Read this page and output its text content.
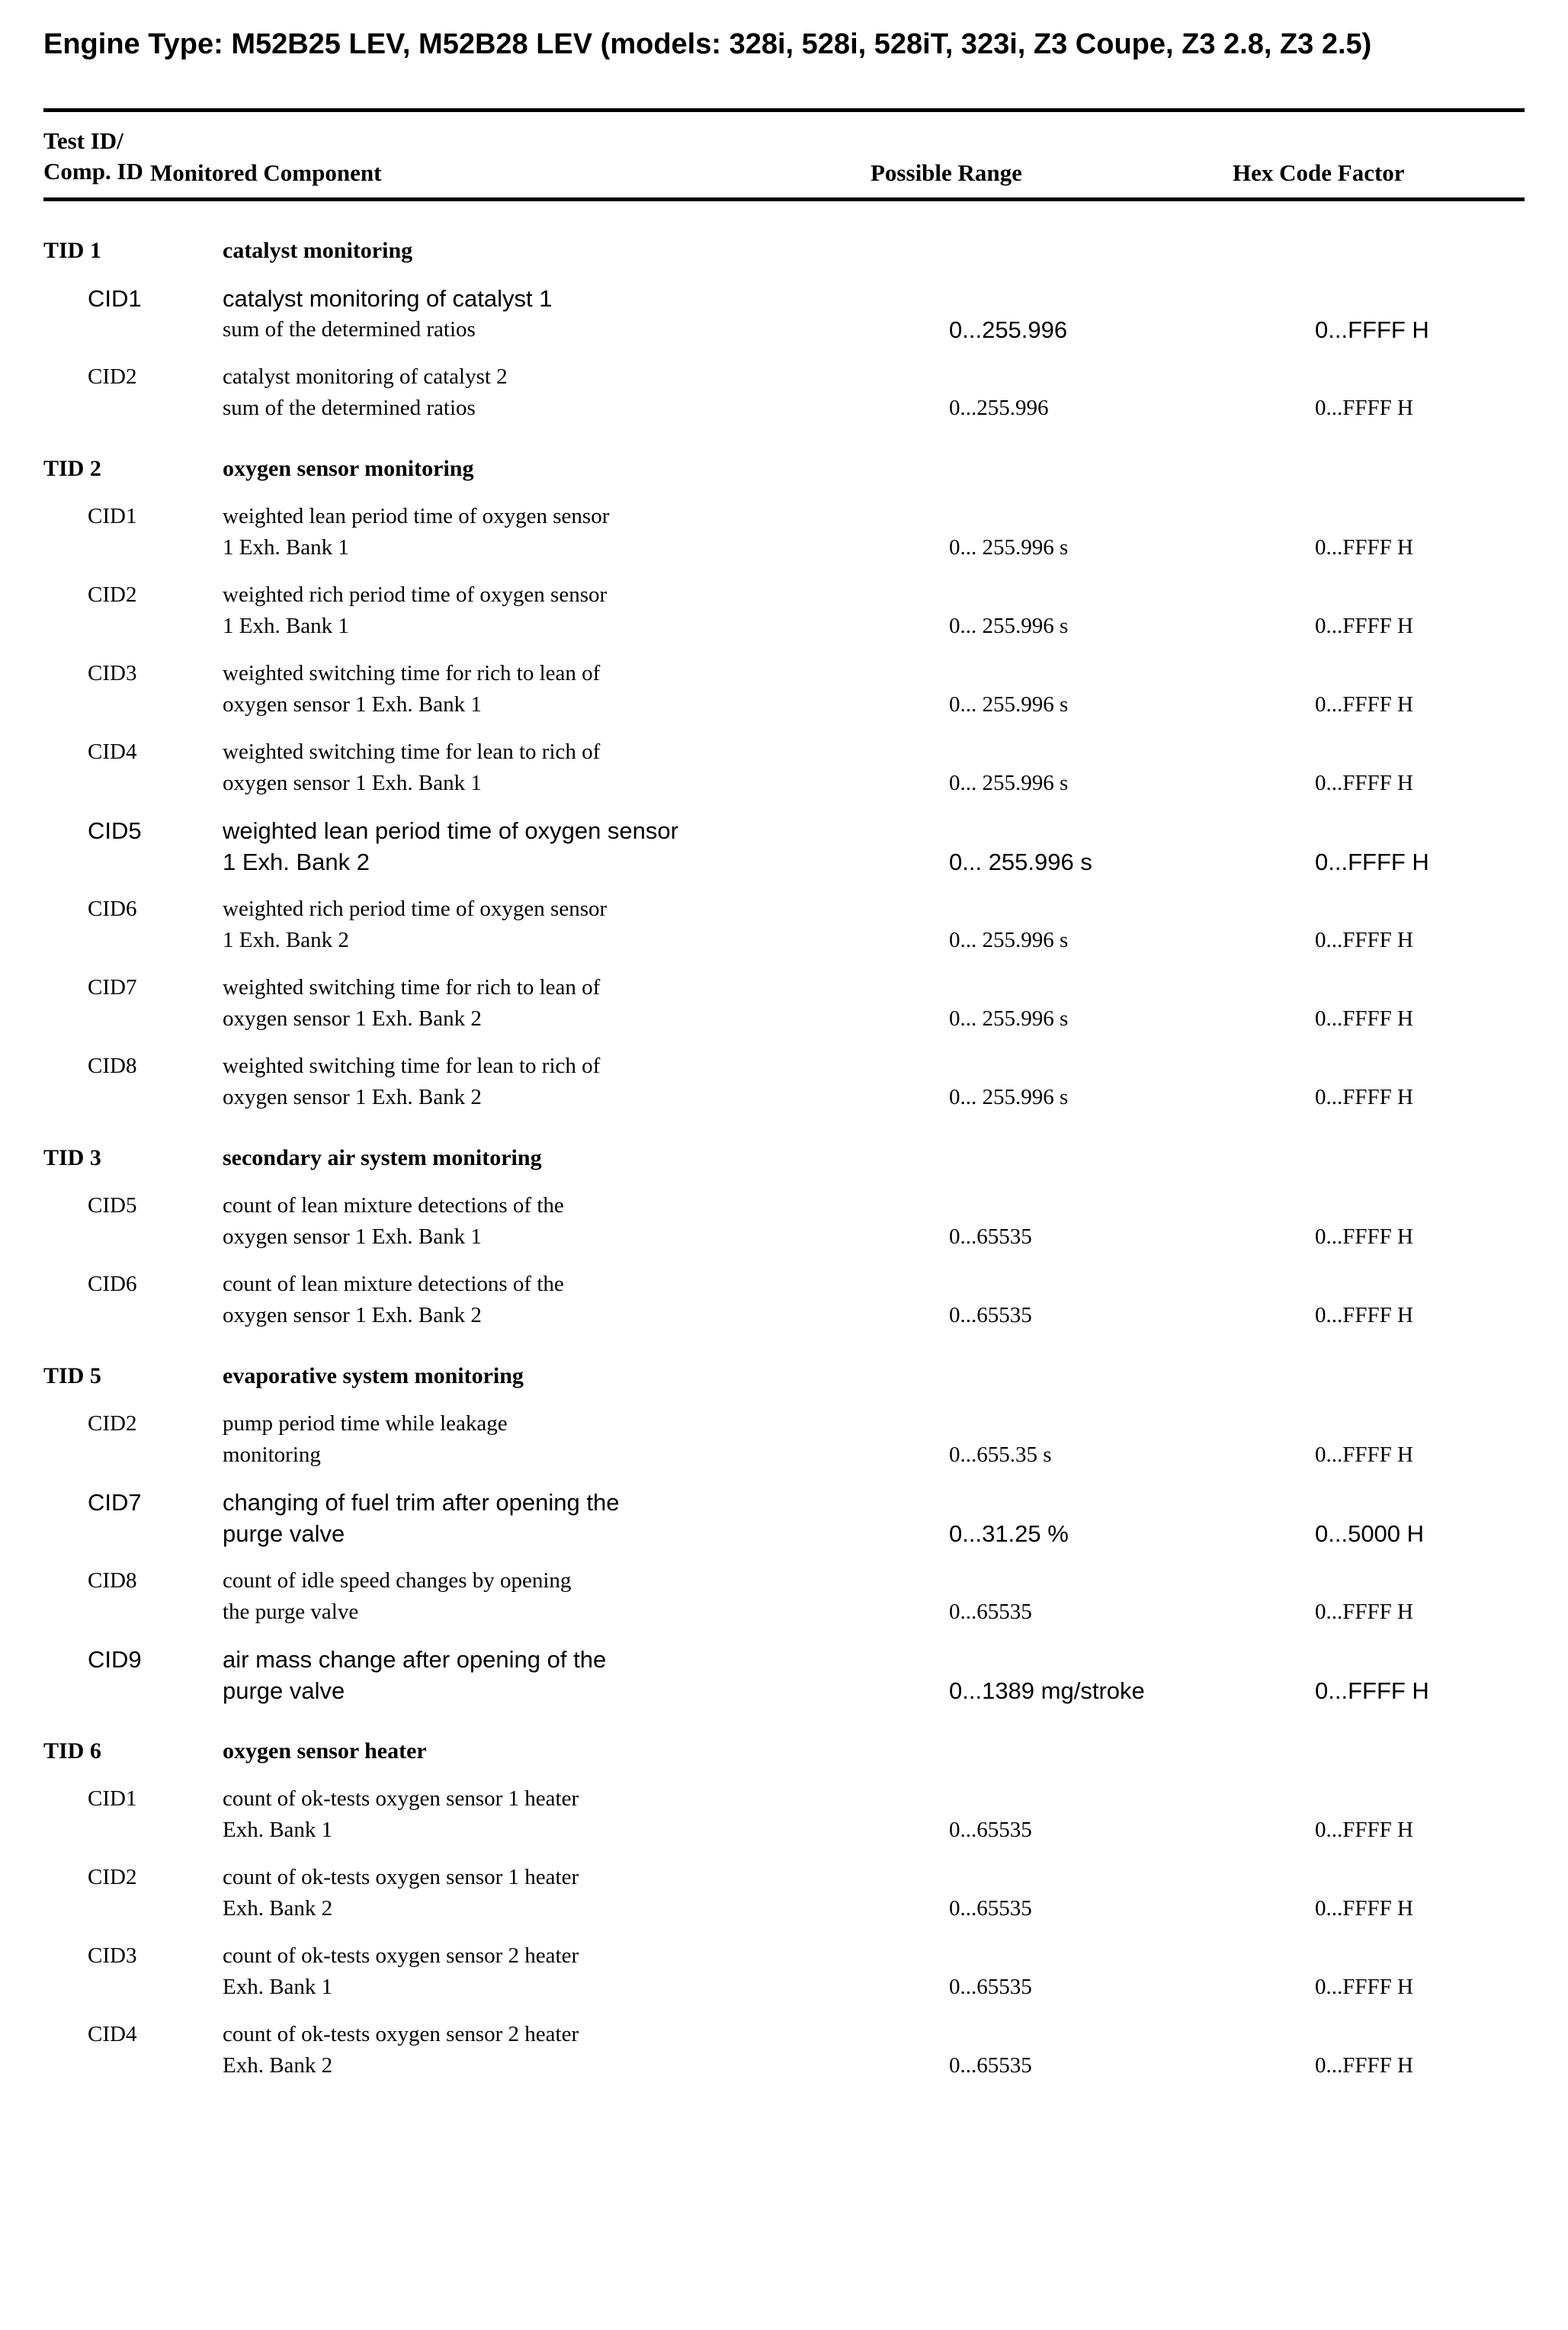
Engine Type: M52B25 LEV, M52B28 LEV (models: 328i, 528i, 528iT, 323i, Z3 Coupe, Z3 2.8, Z3 2.5)
Test ID/
Comp. ID Monitored Component	Possible Range	Hex Code Factor
TID 1	catalyst monitoring
CID1	catalyst monitoring of catalyst 1
sum of the determined ratios	0...255.996	0...FFFF H
CID2	catalyst monitoring of catalyst 2
sum of the determined ratios	0...255.996	0...FFFF H
TID 2	oxygen sensor monitoring
CID1	weighted lean period time of oxygen sensor
1 Exh. Bank 1	0... 255.996 s	0...FFFF H
CID2	weighted rich period time of oxygen sensor
1 Exh. Bank 1	0... 255.996 s	0...FFFF H
CID3	weighted switching time for rich to lean of
oxygen sensor 1 Exh. Bank 1	0... 255.996 s	0...FFFF H
CID4	weighted switching time for lean to rich of
oxygen sensor 1 Exh. Bank 1	0... 255.996 s	0...FFFF H
CID5	weighted lean period time of oxygen sensor
1 Exh. Bank 2	0... 255.996 s	0...FFFF H
CID6	weighted rich period time of oxygen sensor
1 Exh. Bank 2	0... 255.996 s	0...FFFF H
CID7	weighted switching time for rich to lean of
oxygen sensor 1 Exh. Bank 2	0... 255.996 s	0...FFFF H
CID8	weighted switching time for lean to rich of
oxygen sensor 1 Exh. Bank 2	0... 255.996 s	0...FFFF H
TID 3	secondary air system monitoring
CID5	count of lean mixture detections of the
oxygen sensor 1 Exh. Bank 1	0...65535	0...FFFF H
CID6	count of lean mixture detections of the
oxygen sensor 1 Exh. Bank 2	0...65535	0...FFFF H
TID 5	evaporative system monitoring
CID2	pump period time while leakage
monitoring	0...655.35 s	0...FFFF H
CID7	changing of fuel trim after opening the
purge valve	0...31.25 %	0...5000 H
CID8	count of idle speed changes by opening
the purge valve	0...65535	0...FFFF H
CID9	air mass change after opening of the
purge valve	0...1389 mg/stroke	0...FFFF H
TID 6	oxygen sensor heater
CID1	count of ok-tests oxygen sensor 1 heater
Exh. Bank 1	0...65535	0...FFFF H
CID2	count of ok-tests oxygen sensor 1 heater
Exh. Bank 2	0...65535	0...FFFF H
CID3	count of ok-tests oxygen sensor 2 heater
Exh. Bank 1	0...65535	0...FFFF H
CID4	count of ok-tests oxygen sensor 2 heater
Exh. Bank 2	0...65535	0...FFFF H
